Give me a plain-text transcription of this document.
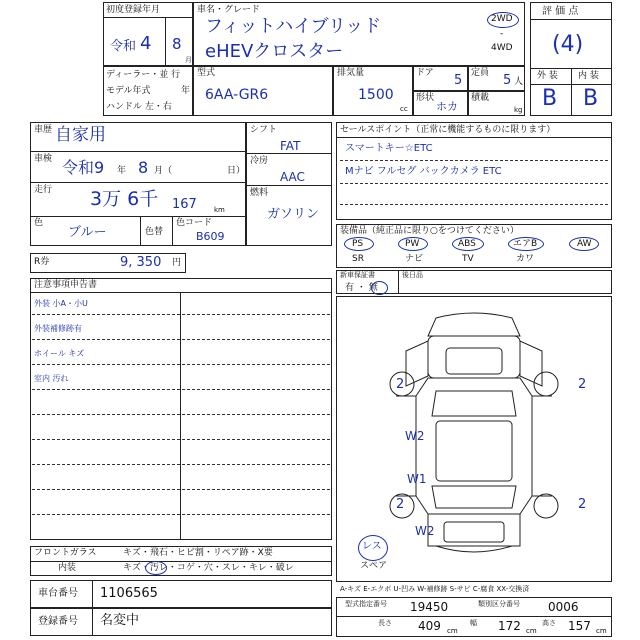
初度登録年月
令和 4 8
月
車名・グレード
フィットハイブリッド
eHEVクロスター
2WD
-
4WD
評 価 点
(4)
外 装 内 装
B B
ディーラー・並 行
モデル年式	年
ハンドル 左・右
型式
6AA-GR6
排気量
1500
cc
ドア 5 定員 5 人
形状
ホカ
積載
kg
車歴 自家用
車検 令和9 年 8 月（	日）
走行 3万 6千 167 km
色
ブルー	色替
色コード
B609
シフト
FAT
冷房
AAC
燃料
ガソリン
R券	9, 350 円
セールスポイント（正常に機能するものに限ります）
スマートキー☆ETC
Mナビ フルセグ バックカメラ ETC
装備品（純正品に限り○をつけてください）
PS	PW	ABS	エアB	AW
SR	ナビ	TV	カワ
新車保証書
有 ・ 無
後日品
注意事項申告書
外装 小A・小U
外装補修跡有
ホイール キズ
室内 汚れ
フロントガラス	キズ・飛石・ヒビ割・リペア跡・X要
内装	キズ・汚レ・コゲ・穴・スレ・キレ・破レ
車台番号 1106565
登録番号 名変中
2	2
W2
W1
2	2
W2
レス
スペア
A-キズ E-エクボ U-凹み W-補修跡 S-サビ C-腐食 XX-交換済
型式指定番号 19450	類別区分番号 0006
長さ 409 cm
幅 172 cm
高さ 157 cm
